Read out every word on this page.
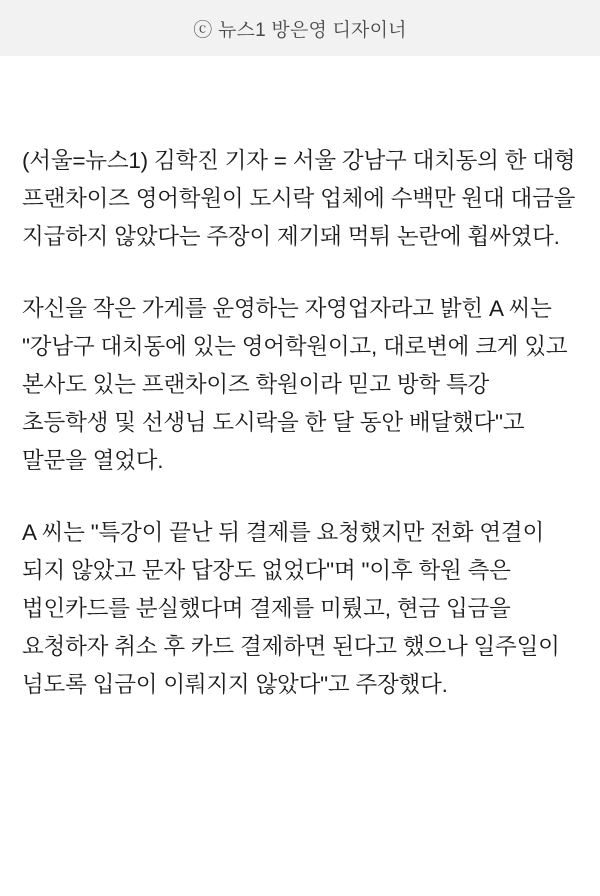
ⓒ 뉴스1 방은영 디자이너

(서울=뉴스1) 김학진 기자 = 서울 강남구 대치동의 한 대형 프랜차이즈 영어학원이 도시락 업체에 수백만 원대 대금을 지급하지 않았다는 주장이 제기돼 먹튀 논란에 휩싸였다.

자신을 작은 가게를 운영하는 자영업자라고 밝힌 A 씨는 "강남구 대치동에 있는 영어학원이고, 대로변에 크게 있고 본사도 있는 프랜차이즈 학원이라 믿고 방학 특강 초등학생 및 선생님 도시락을 한 달 동안 배달했다"고 말문을 열었다.

A 씨는 "특강이 끝난 뒤 결제를 요청했지만 전화 연결이 되지 않았고 문자 답장도 없었다"며 "이후 학원 측은 법인카드를 분실했다며 결제를 미뤘고, 현금 입금을 요청하자 취소 후 카드 결제하면 된다고 했으나 일주일이 넘도록 입금이 이뤄지지 않았다"고 주장했다.
